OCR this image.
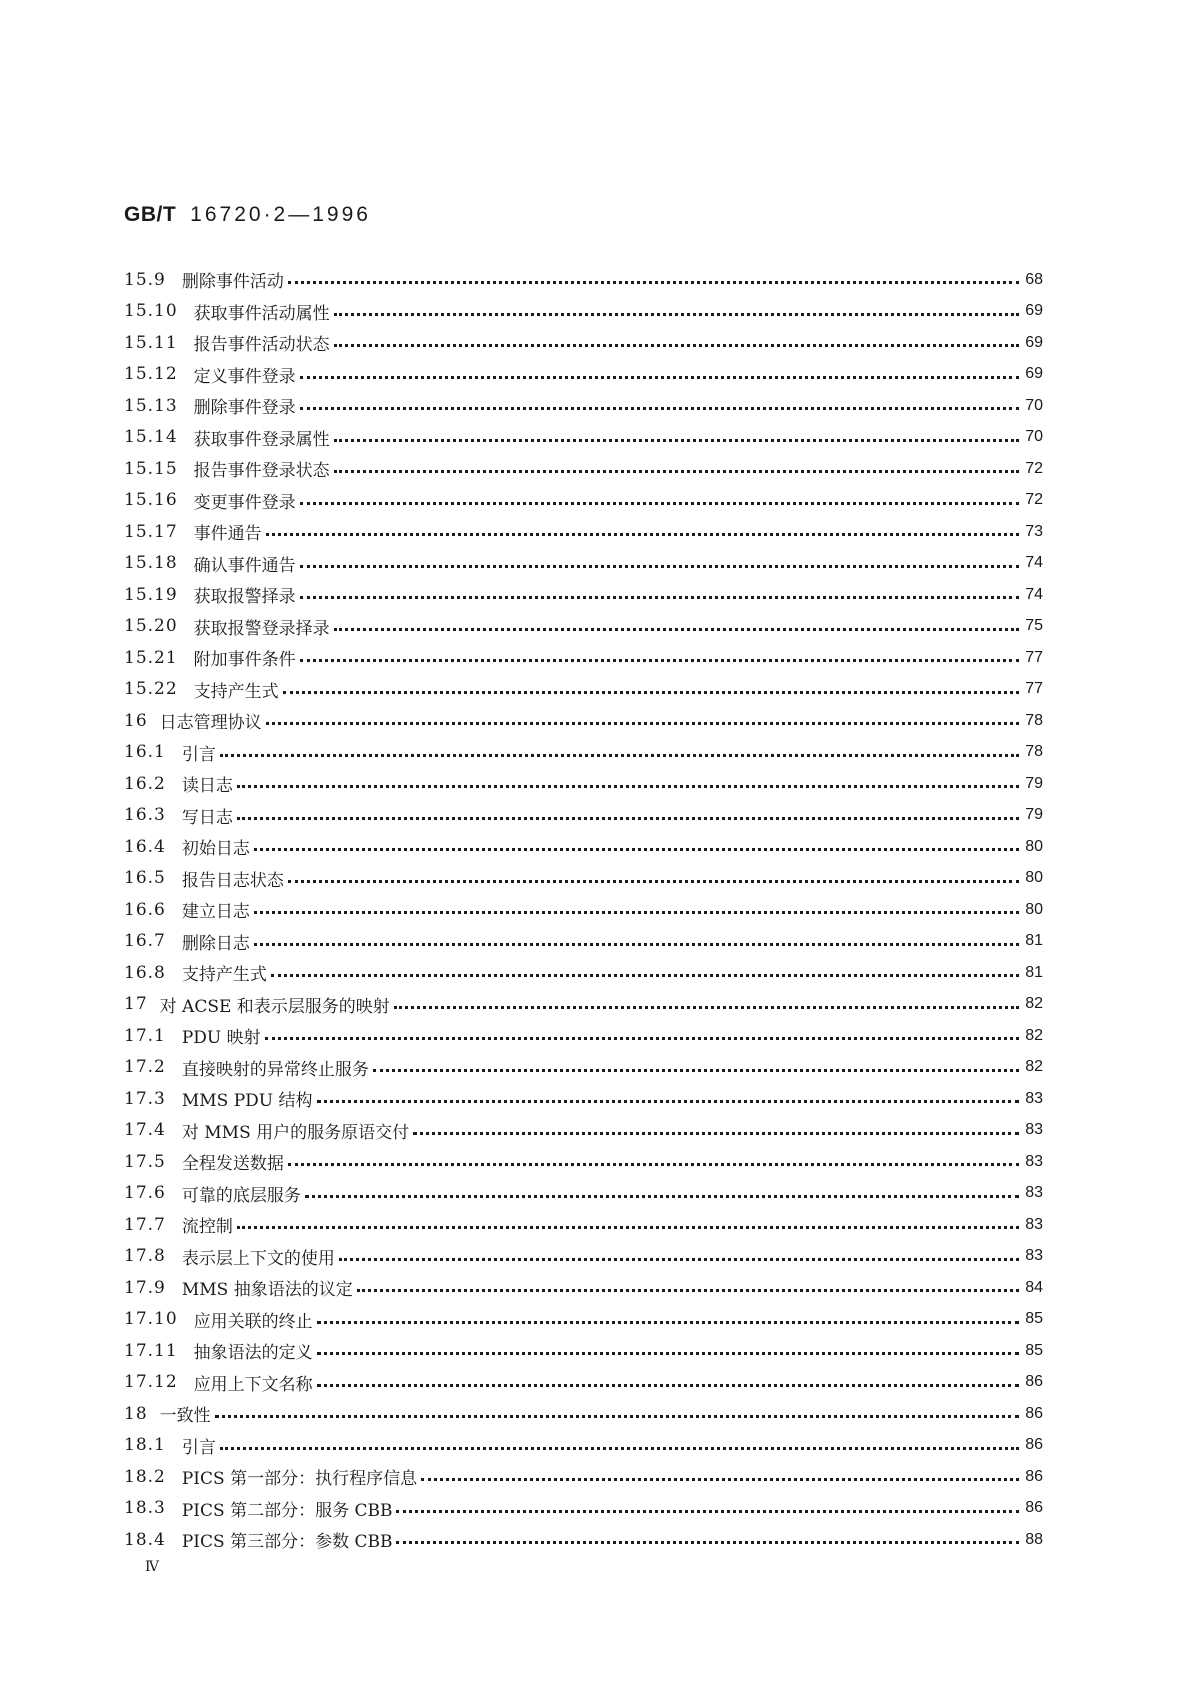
GB/T 16720·2—1996
15.9 删除事件活动	68
15.10 获取事件活动属性	69
15.11 报告事件活动状态	69
15.12 定义事件登录	69
15.13 删除事件登录	70
15.14 获取事件登录属性	70
15.15 报告事件登录状态	72
15.16 变更事件登录	72
15.17 事件通告	73
15.18 确认事件通告	74
15.19 获取报警择录	74
15.20 获取报警登录择录	75
15.21 附加事件条件	77
15.22 支持产生式	77
16 日志管理协议	78
16.1 引言	78
16.2 读日志	79
16.3 写日志	79
16.4 初始日志	80
16.5 报告日志状态	80
16.6 建立日志	80
16.7 删除日志	81
16.8 支持产生式	81
17 对 ACSE 和表示层服务的映射	82
17.1 PDU 映射	82
17.2 直接映射的异常终止服务	82
17.3 MMS PDU 结构	83
17.4 对 MMS 用户的服务原语交付	83
17.5 全程发送数据	83
17.6 可靠的底层服务	83
17.7 流控制	83
17.8 表示层上下文的使用	83
17.9 MMS 抽象语法的议定	84
17.10 应用关联的终止	85
17.11 抽象语法的定义	85
17.12 应用上下文名称	86
18 一致性	86
18.1 引言	86
18.2 PICS 第一部分：执行程序信息	86
18.3 PICS 第二部分：服务 CBB	86
18.4 PICS 第三部分：参数 CBB	88
Ⅳ
